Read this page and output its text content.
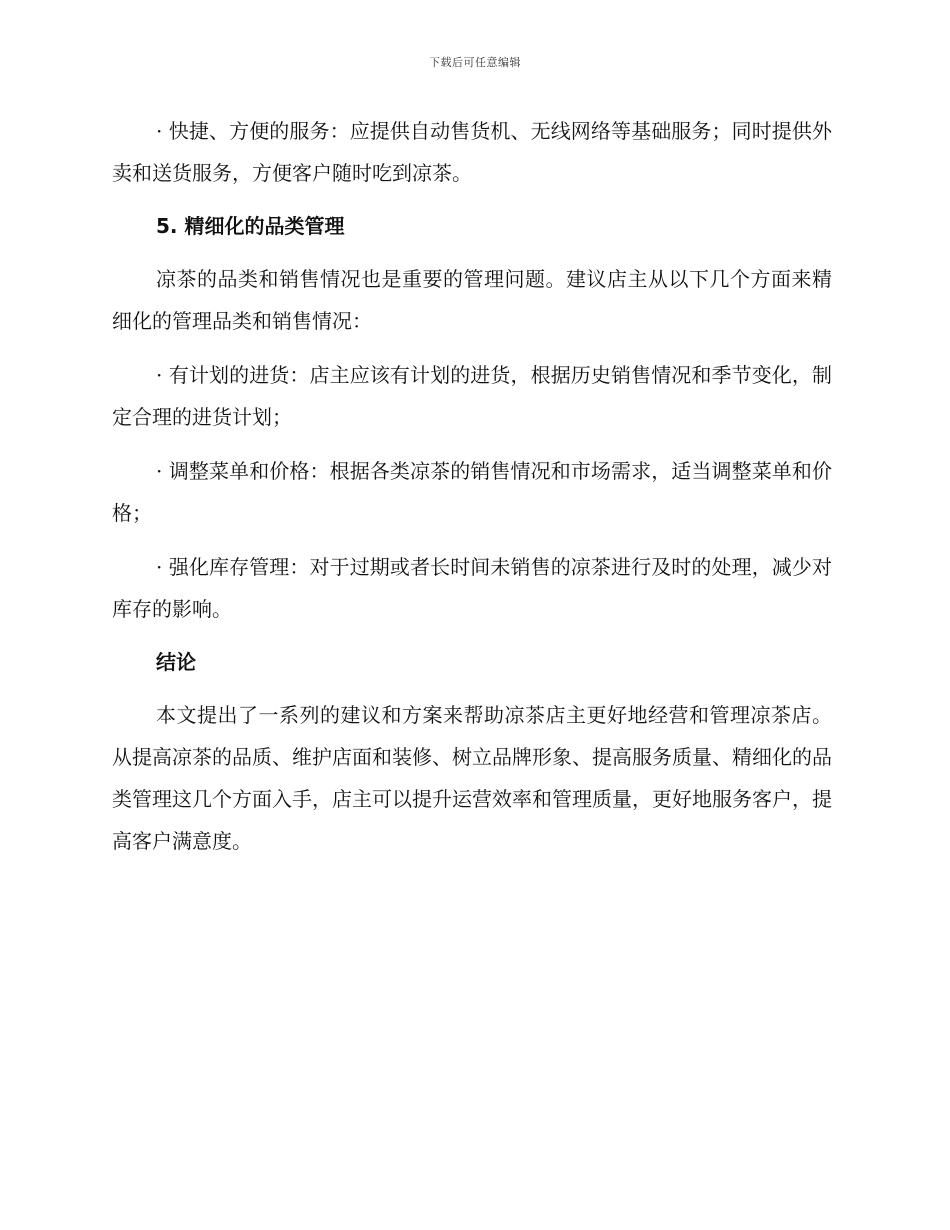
下载后可任意编辑

· 快捷、方便的服务：应提供自动售货机、无线网络等基础服务；同时提供外卖和送货服务，方便客户随时吃到凉茶。

5. 精细化的品类管理

凉茶的品类和销售情况也是重要的管理问题。建议店主从以下几个方面来精细化的管理品类和销售情况：

· 有计划的进货：店主应该有计划的进货，根据历史销售情况和季节变化，制定合理的进货计划；

· 调整菜单和价格：根据各类凉茶的销售情况和市场需求，适当调整菜单和价格；

· 强化库存管理：对于过期或者长时间未销售的凉茶进行及时的处理，减少对库存的影响。

结论

本文提出了一系列的建议和方案来帮助凉茶店主更好地经营和管理凉茶店。从提高凉茶的品质、维护店面和装修、树立品牌形象、提高服务质量、精细化的品类管理这几个方面入手，店主可以提升运营效率和管理质量，更好地服务客户，提高客户满意度。
